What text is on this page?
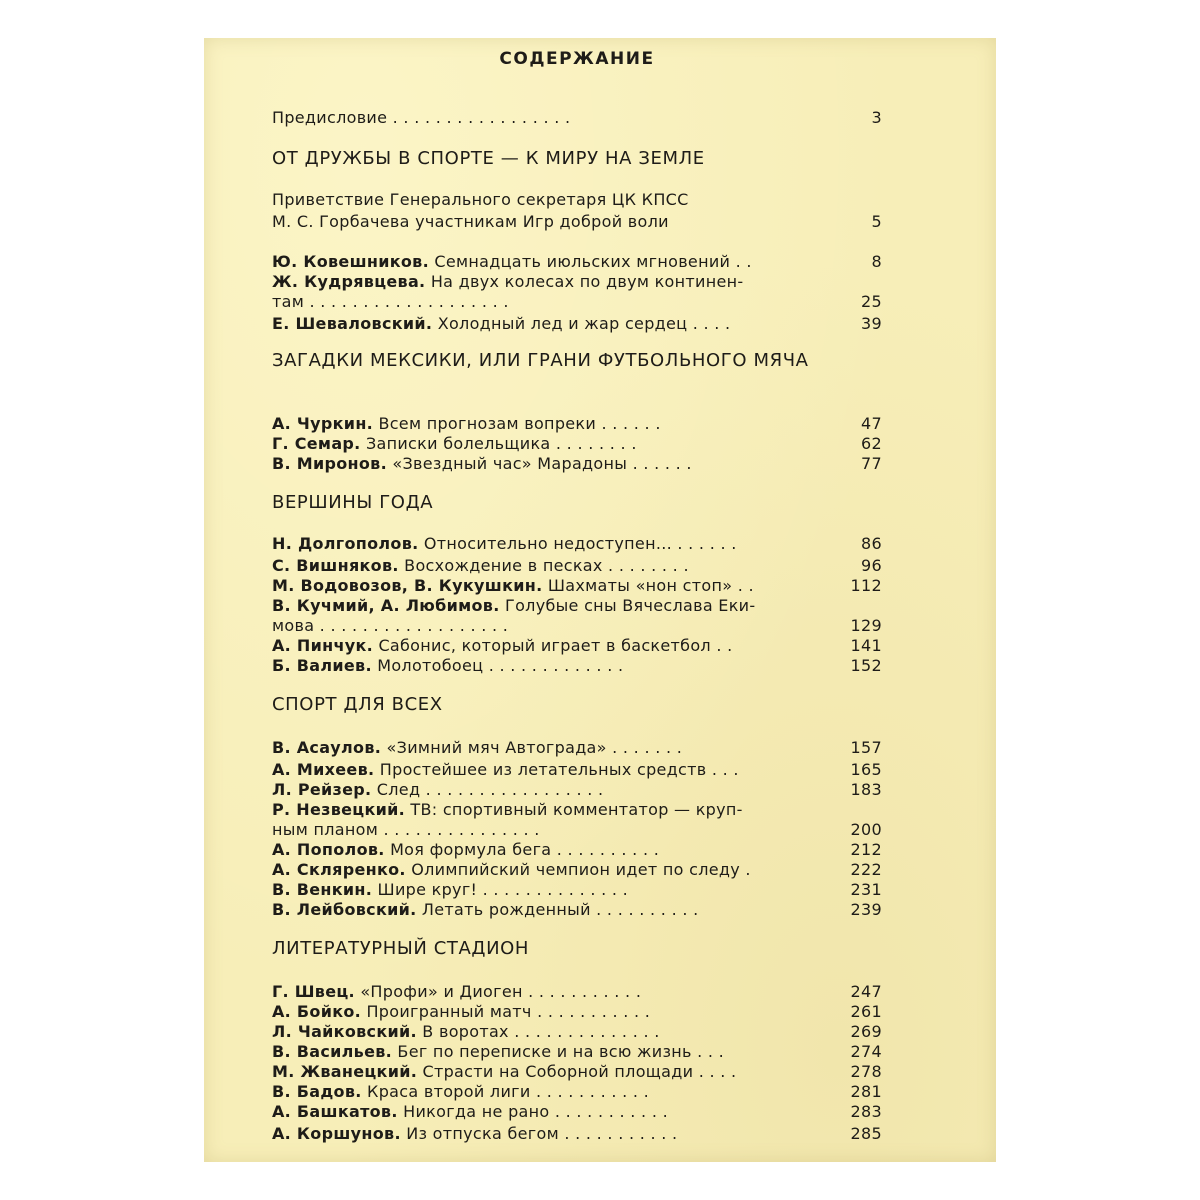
СОДЕРЖАНИЕ
Предисловие . . . . . . . . . . . . . . . . .	3
ОТ ДРУЖБЫ В СПОРТЕ — К МИРУ НА ЗЕМЛЕ
Приветствие Генерального секретаря ЦК КПСС
М. С. Горбачева участникам Игр доброй воли	5
Ю. Ковешников. Семнадцать июльских мгновений . .	8
Ж. Кудрявцева. На двух колесах по двум континен-
там . . . . . . . . . . . . . . . . . . .	25
Е. Шеваловский. Холодный лед и жар сердец . . . .	39
ЗАГАДКИ МЕКСИКИ, ИЛИ ГРАНИ ФУТБОЛЬНОГО МЯЧА
А. Чуркин. Всем прогнозам вопреки . . . . . .	47
Г. Семар. Записки болельщика . . . . . . . .	62
В. Миронов. «Звездный час» Марадоны . . . . . .	77
ВЕРШИНЫ ГОДА
Н. Долгополов. Относительно недоступен... . . . . . .	86
С. Вишняков. Восхождение в песках . . . . . . . .	96
М. Водовозов, В. Кукушкин. Шахматы «нон стоп» . .	112
В. Кучмий, А. Любимов. Голубые сны Вячеслава Еки-
мова . . . . . . . . . . . . . . . . . .	129
А. Пинчук. Сабонис, который играет в баскетбол . .	141
Б. Валиев. Молотобоец . . . . . . . . . . . . .	152
СПОРТ ДЛЯ ВСЕХ
В. Асаулов. «Зимний мяч Автограда» . . . . . . .	157
А. Михеев. Простейшее из летательных средств . . .	165
Л. Рейзер. След . . . . . . . . . . . . . . . . .	183
Р. Незвецкий. ТВ: спортивный комментатор — круп-
ным планом . . . . . . . . . . . . . . .	200
А. Пополов. Моя формула бега . . . . . . . . . .	212
А. Скляренко. Олимпийский чемпион идет по следу .	222
В. Венкин. Шире круг! . . . . . . . . . . . . . .	231
В. Лейбовский. Летать рожденный . . . . . . . . . .	239
ЛИТЕРАТУРНЫЙ СТАДИОН
Г. Швец. «Профи» и Диоген . . . . . . . . . . .	247
А. Бойко. Проигранный матч . . . . . . . . . . .	261
Л. Чайковский. В воротах . . . . . . . . . . . . . .	269
В. Васильев. Бег по переписке и на всю жизнь . . .	274
М. Жванецкий. Страсти на Соборной площади . . . .	278
В. Бадов. Краса второй лиги . . . . . . . . . . .	281
А. Башкатов. Никогда не рано . . . . . . . . . . .	283
А. Коршунов. Из отпуска бегом . . . . . . . . . . .	285
